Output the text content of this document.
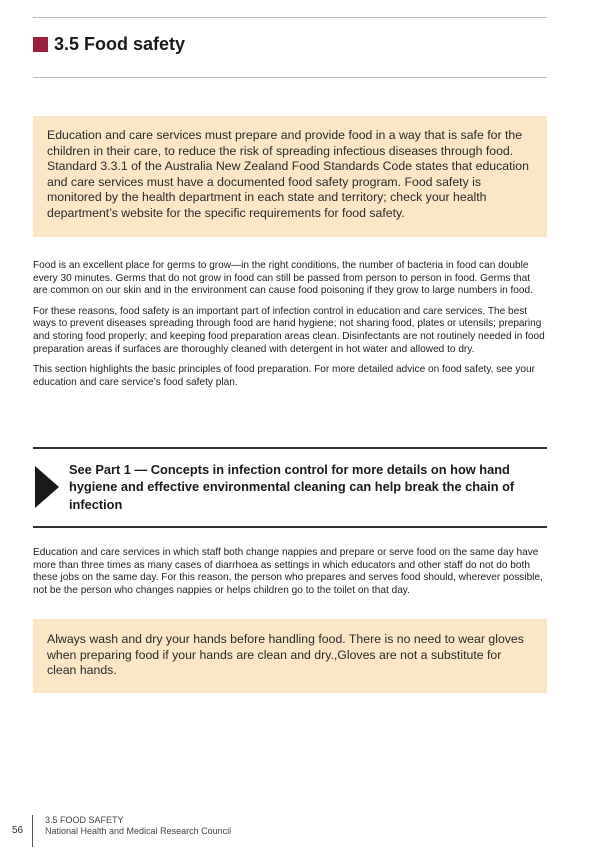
3.5 Food safety

Education and care services must prepare and provide food in a way that is safe for the children in their care, to reduce the risk of spreading infectious diseases through food. Standard 3.3.1 of the Australia New Zealand Food Standards Code states that education and care services must have a documented food safety program. Food safety is monitored by the health department in each state and territory; check your health department’s website for the specific requirements for food safety.

Food is an excellent place for germs to grow—in the right conditions, the number of bacteria in food can double every 30 minutes. Germs that do not grow in food can still be passed from person to person in food. Germs that are common on our skin and in the environment can cause food poisoning if they grow to large numbers in food.

For these reasons, food safety is an important part of infection control in education and care services. The best ways to prevent diseases spreading through food are hand hygiene; not sharing food, plates or utensils; preparing and storing food properly; and keeping food preparation areas clean. Disinfectants are not routinely needed in food preparation areas if surfaces are thoroughly cleaned with detergent in hot water and allowed to dry.

This section highlights the basic principles of food preparation. For more detailed advice on food safety, see your education and care service’s food safety plan.

See Part 1 — Concepts in infection control for more details on how hand hygiene and effective environmental cleaning can help break the chain of infection

Education and care services in which staff both change nappies and prepare or serve food on the same day have more than three times as many cases of diarrhoea as settings in which educators and other staff do not do both these jobs on the same day. For this reason, the person who prepares and serves food should, wherever possible, not be the person who changes nappies or helps children go to the toilet on that day.

Always wash and dry your hands before handling food. There is no need to wear gloves when preparing food if your hands are clean and dry.,Gloves are not a substitute for clean hands.

56
3.5 FOOD SAFETY
National Health and Medical Research Council
